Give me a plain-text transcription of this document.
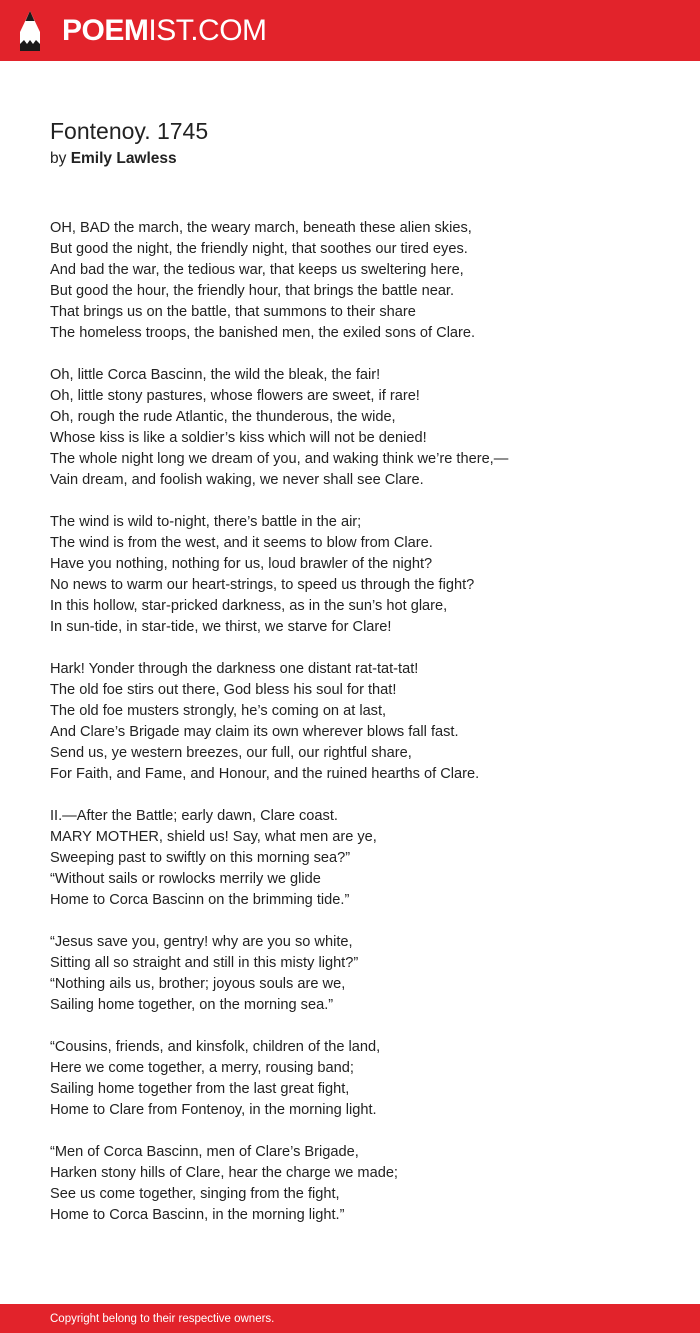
POEMIST.COM
Fontenoy. 1745
by Emily Lawless
OH, BAD the march, the weary march, beneath these alien skies,
But good the night, the friendly night, that soothes our tired eyes.
And bad the war, the tedious war, that keeps us sweltering here,
But good the hour, the friendly hour, that brings the battle near.
That brings us on the battle, that summons to their share
The homeless troops, the banished men, the exiled sons of Clare.
Oh, little Corca Bascinn, the wild the bleak, the fair!
Oh, little stony pastures, whose flowers are sweet, if rare!
Oh, rough the rude Atlantic, the thunderous, the wide,
Whose kiss is like a soldier’s kiss which will not be denied!
The whole night long we dream of you, and waking think we’re there,—
Vain dream, and foolish waking, we never shall see Clare.
The wind is wild to-night, there’s battle in the air;
The wind is from the west, and it seems to blow from Clare.
Have you nothing, nothing for us, loud brawler of the night?
No news to warm our heart-strings, to speed us through the fight?
In this hollow, star-pricked darkness, as in the sun’s hot glare,
In sun-tide, in star-tide, we thirst, we starve for Clare!
Hark! Yonder through the darkness one distant rat-tat-tat!
The old foe stirs out there, God bless his soul for that!
The old foe musters strongly, he’s coming on at last,
And Clare’s Brigade may claim its own wherever blows fall fast.
Send us, ye western breezes, our full, our rightful share,
For Faith, and Fame, and Honour, and the ruined hearths of Clare.
II.—After the Battle; early dawn, Clare coast.
MARY MOTHER, shield us! Say, what men are ye,
Sweeping past to swiftly on this morning sea?”
“Without sails or rowlocks merrily we glide
Home to Corca Bascinn on the brimming tide.”
“Jesus save you, gentry! why are you so white,
Sitting all so straight and still in this misty light?”
“Nothing ails us, brother; joyous souls are we,
Sailing home together, on the morning sea.”
“Cousins, friends, and kinsfolk, children of the land,
Here we come together, a merry, rousing band;
Sailing home together from the last great fight,
Home to Clare from Fontenoy, in the morning light.
“Men of Corca Bascinn, men of Clare’s Brigade,
Harken stony hills of Clare, hear the charge we made;
See us come together, singing from the fight,
Home to Corca Bascinn, in the morning light.”
Copyright belong to their respective owners.
